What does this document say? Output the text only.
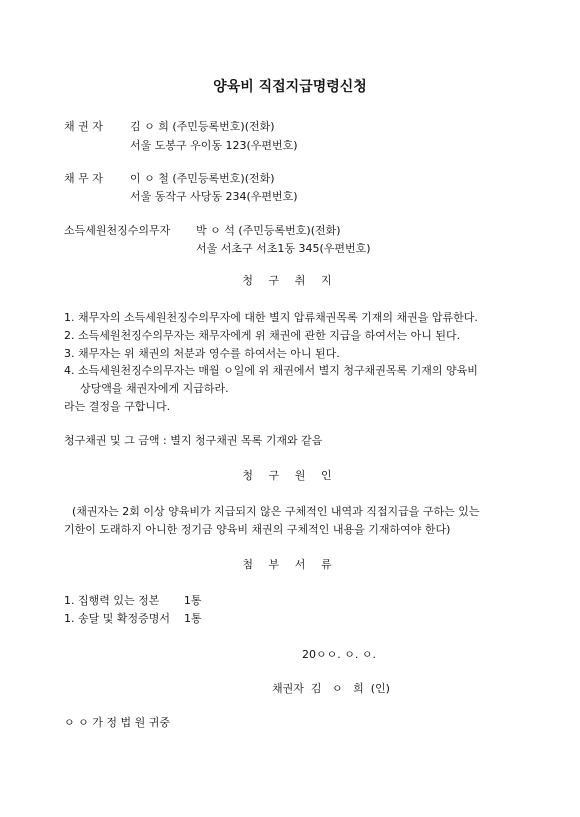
양육비 직접지급명령신청
채 권 자 김 ㅇ 희 (주민등록번호)(전화)
서울 도봉구 우이동 123(우편번호)
채 무 자 이 ㅇ 철 (주민등록번호)(전화)
서울 동작구 사당동 234(우편번호)
소득세원천징수의무자 박 ㅇ 석 (주민등록번호)(전화)
서울 서초구 서초1동 345(우편번호)
청 구 취 지
1. 채무자의 소득세원천징수의무자에 대한 별지 압류채권목록 기재의 채권을 압류한다.
2. 소득세원천징수의무자는 채무자에게 위 채권에 관한 지급을 하여서는 아니 된다.
3. 채무자는 위 채권의 처분과 영수를 하여서는 아니 된다.
4. 소득세원천징수의무자는 매월 ㅇ일에 위 채권에서 별지 청구채권목록 기재의 양육비
상당액을 채권자에게 지급하라.
라는 결정을 구합니다.
청구채권 및 그 금액 : 별지 청구채권 목록 기재와 같음
청 구 원 인
(채권자는 2회 이상 양육비가 지급되지 않은 구체적인 내역과 직접지급을 구하는 있는
기한이 도래하지 아니한 정기금 양육비 채권의 구체적인 내용을 기재하여야 한다)
첨 부 서 류
1. 집행력 있는 정본       1통
1. 송달 및 확정증명서    1통
20ㅇㅇ. ㅇ. ㅇ.
채권자  김   ㅇ   희  (인)
ㅇ ㅇ 가 정 법 원 귀중
